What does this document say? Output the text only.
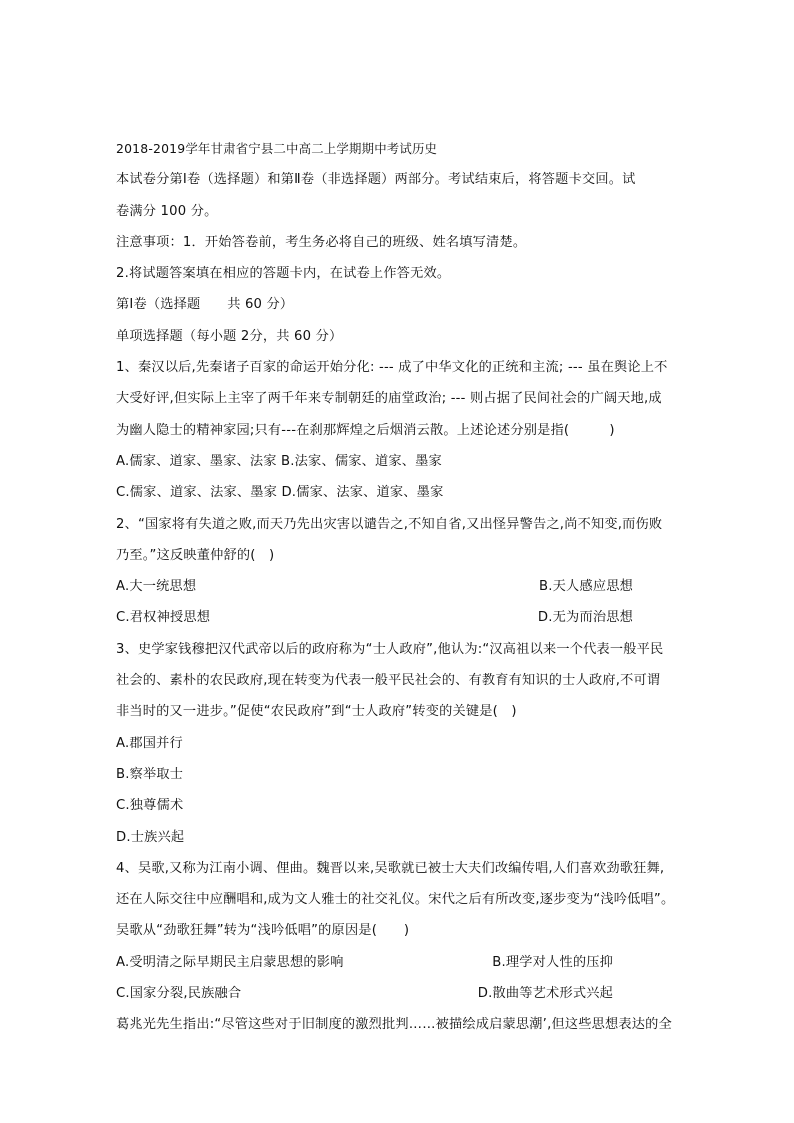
2018-2019学年甘肃省宁县二中高二上学期期中考试历史
本试卷分第Ⅰ卷（选择题）和第Ⅱ卷（非选择题）两部分。考试结束后，将答题卡交回。试
卷满分 100 分。
注意事项：1．开始答卷前，考生务必将自己的班级、姓名填写清楚。
2.将试题答案填在相应的答题卡内，在试卷上作答无效。
第Ⅰ卷（选择题　　共 60 分）
单项选择题（每小题 2分，共 60 分）
1、秦汉以后,先秦诸子百家的命运开始分化: --- 成了中华文化的正统和主流; --- 虽在舆论上不
大受好评,但实际上主宰了两千年来专制朝廷的庙堂政治; --- 则占据了民间社会的广阔天地,成
为幽人隐士的精神家园;只有---在刹那辉煌之后烟消云散。上述论述分别是指(　　　)
A.儒家、道家、墨家、法家 B.法家、儒家、道家、墨家
C.儒家、道家、法家、墨家 D.儒家、法家、道家、墨家
2、“国家将有失道之败,而天乃先出灾害以谴告之,不知自省,又出怪异警告之,尚不知变,而伤败
乃至。”这反映董仲舒的(　)
A.大一统思想	B.天人感应思想
C.君权神授思想	D.无为而治思想
3、史学家钱穆把汉代武帝以后的政府称为“士人政府”,他认为:“汉高祖以来一个代表一般平民
社会的、素朴的农民政府,现在转变为代表一般平民社会的、有教育有知识的士人政府,不可谓
非当时的又一进步。”促使“农民政府”到“士人政府”转变的关键是(　)
A.郡国并行
B.察举取士
C.独尊儒术
D.士族兴起
4、吴歌,又称为江南小调、俚曲。魏晋以来,吴歌就已被士大夫们改编传唱,人们喜欢劲歌狂舞,
还在人际交往中应酬唱和,成为文人雅士的社交礼仪。宋代之后有所改变,逐步变为“浅吟低唱”。
吴歌从“劲歌狂舞”转为“浅吟低唱”的原因是(　　)
A.受明清之际早期民主启蒙思想的影响	B.理学对人性的压抑
C.国家分裂,民族融合	D.散曲等艺术形式兴起
葛兆光先生指出:“尽管这些对于旧制度的激烈批判……被描绘成启蒙思潮’,但这些思想表达的全
